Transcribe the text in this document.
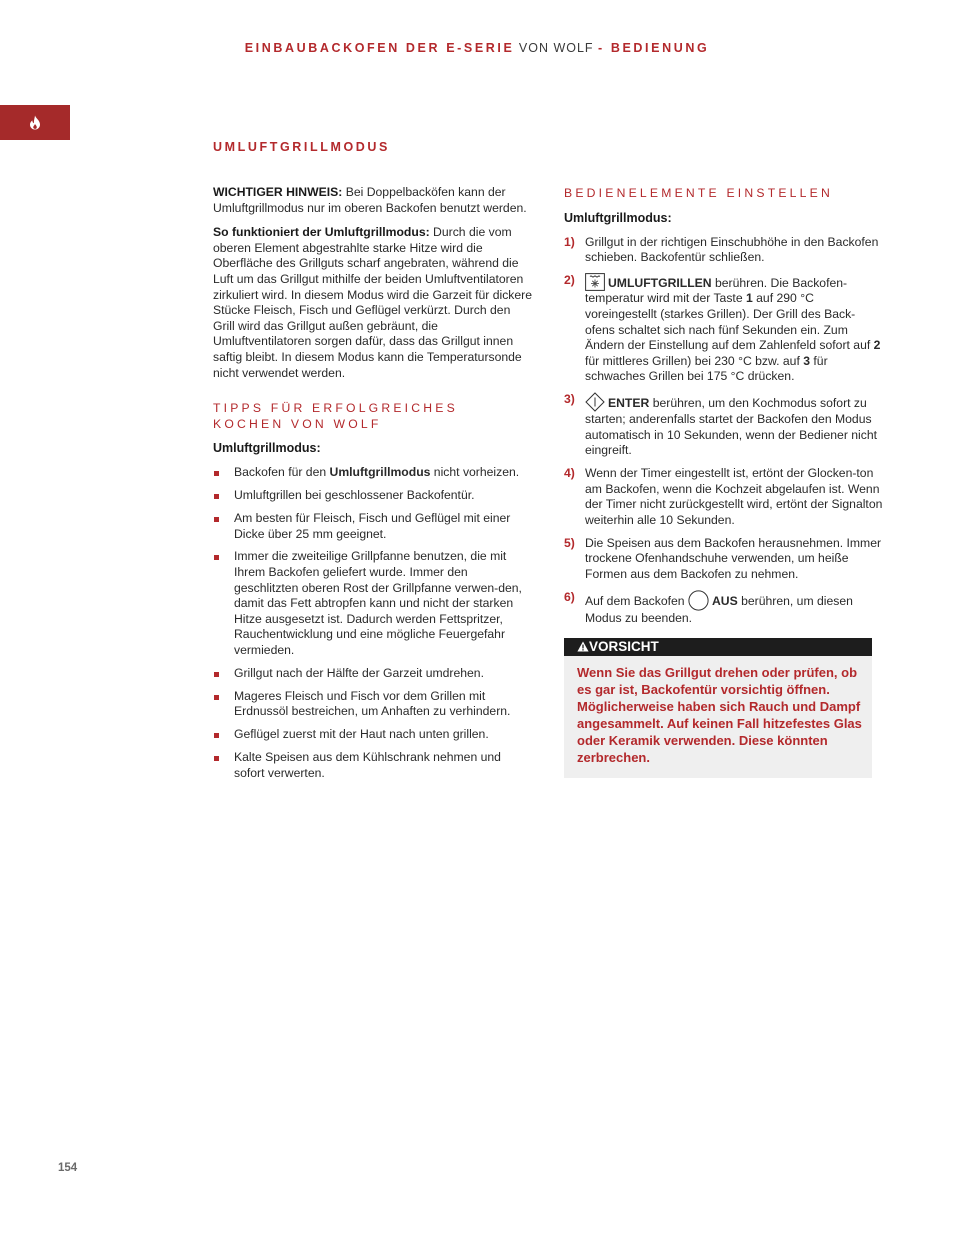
EINBAUBACKOFEN DER E-SERIE VON WOLF - BEDIENUNG
UMLUFTGRILLMODUS

WICHTIGER HINWEIS: Bei Doppelbacköfen kann der Umluftgrillmodus nur im oberen Backofen benutzt werden.

So funktioniert der Umluftgrillmodus: Durch die vom oberen Element abgestrahlte starke Hitze wird die Oberfläche des Grillguts scharf angebraten, während die Luft um das Grillgut mithilfe der beiden Umluftventilatoren zirkuliert wird. In diesem Modus wird die Garzeit für dickere Stücke Fleisch, Fisch und Geflügel verkürzt. Durch den Grill wird das Grillgut außen gebräunt, die Umluftventilatoren sorgen dafür, dass das Grillgut innen saftig bleibt. In diesem Modus kann die Temperatursonde nicht verwendet werden.

TIPPS FÜR ERFOLGREICHES KOCHEN VON WOLF
Umluftgrillmodus:
Backofen für den Umluftgrillmodus nicht vorheizen.
Umluftgrillen bei geschlossener Backofentür.
Am besten für Fleisch, Fisch und Geflügel mit einer Dicke über 25 mm geeignet.
Immer die zweiteilige Grillpfanne benutzen, die mit Ihrem Backofen geliefert wurde. Immer den geschlitzten oberen Rost der Grillpfanne verwen-den, damit das Fett abtropfen kann und nicht der starken Hitze ausgesetzt ist. Dadurch werden Fettspritzer, Rauchentwicklung und eine mögliche Feuergefahr vermieden.
Grillgut nach der Hälfte der Garzeit umdrehen.
Mageres Fleisch und Fisch vor dem Grillen mit Erdnussöl bestreichen, um Anhaften zu verhindern.
Geflügel zuerst mit der Haut nach unten grillen.
Kalte Speisen aus dem Kühlschrank nehmen und sofort verwerten.
BEDIENELEMENTE EINSTELLEN
Umluftgrillmodus:
1) Grillgut in der richtigen Einschubhöhe in den Backofen schieben. Backofentür schließen.
2)	UMLUFTGRILLEN berühren. Die Backofen-temperatur wird mit der Taste 1 auf 290 °C voreingestellt (starkes Grillen). Der Grill des Back-ofens schaltet sich nach fünf Sekunden ein. Zum Ändern der Einstellung auf dem Zahlenfeld sofort auf 2 für mittleres Grillen) bei 230 °C bzw. auf 3 für schwaches Grillen bei 175 °C drücken.
3)	ENTER berühren, um den Kochmodus sofort zu starten; anderenfalls startet der Backofen den Modus automatisch in 10 Sekunden, wenn der Bediener nicht eingreift.
4) Wenn der Timer eingestellt ist, ertönt der Glocken-ton am Backofen, wenn die Kochzeit abgelaufen ist. Wenn der Timer nicht zurückgestellt wird, ertönt der Signalton weiterhin alle 10 Sekunden.
5) Die Speisen aus dem Backofen herausnehmen. Immer trockene Ofenhandschuhe verwenden, um heiße Formen aus dem Backofen zu nehmen.
6) Auf dem Backofen AUS berühren, um diesen Modus zu beenden.
VORSICHT
Wenn Sie das Grillgut drehen oder prüfen, ob es gar ist, Backofentür vorsichtig öffnen. Möglicherweise haben sich Rauch und Dampf angesammelt. Auf keinen Fall hitzefestes Glas oder Keramik verwenden. Diese könnten zerbrechen.
154
